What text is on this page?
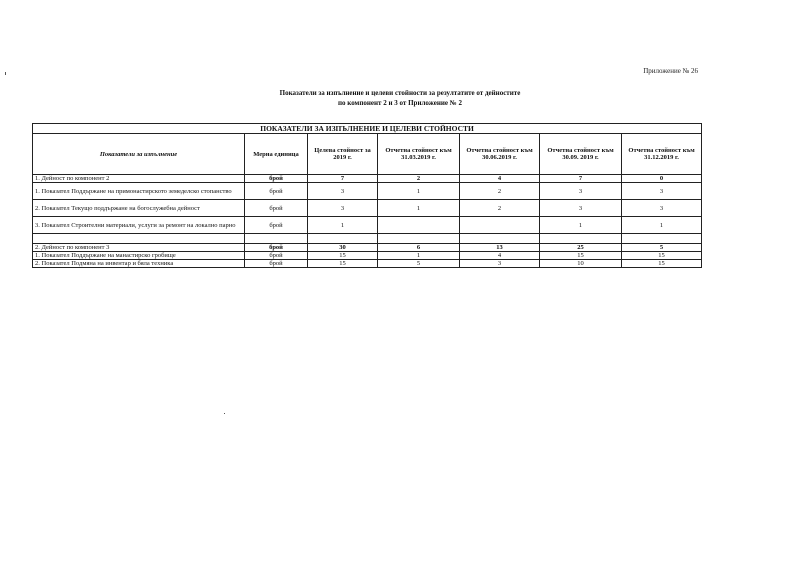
Приложение № 26
Показатели за изпълнение и целеви стойности за резултатите от дейностите
по компонент 2 и 3 от Приложение № 2
ПОКАЗАТЕЛИ ЗА ИЗПЪЛНЕНИЕ И ЦЕЛЕВИ СТОЙНОСТИ						
Показатели за изпълнение	Мерна единица	Целева стойност за 2019 г.	Отчетна стойност към 31.03.2019 г.	Отчетна стойност към 30.06.2019 г.	Отчетна стойност към 30.09. 2019 г.	Отчетна стойност към 31.12.2019 г.
1. Дейност по компонент 2	брой	7	2	4	7	0
1. Показател Поддържане на примонастирското земеделско стопанство	брой	3	1	2	3	3
2. Показател Текущо поддържане на богослужебна дейност	брой	3	1	2	3	3
3. Показател Строителни материали, услуги за ремонт на локално парно	брой	1			1	1

2. Дейност по компонент 3	брой	30	6	13	25	5
1. Показател Поддържане на манастирско гробище	брой	15	1	4	15	15
2. Показател Подмяна на инвентар и бяла техника	брой	15	5	3	10	15
